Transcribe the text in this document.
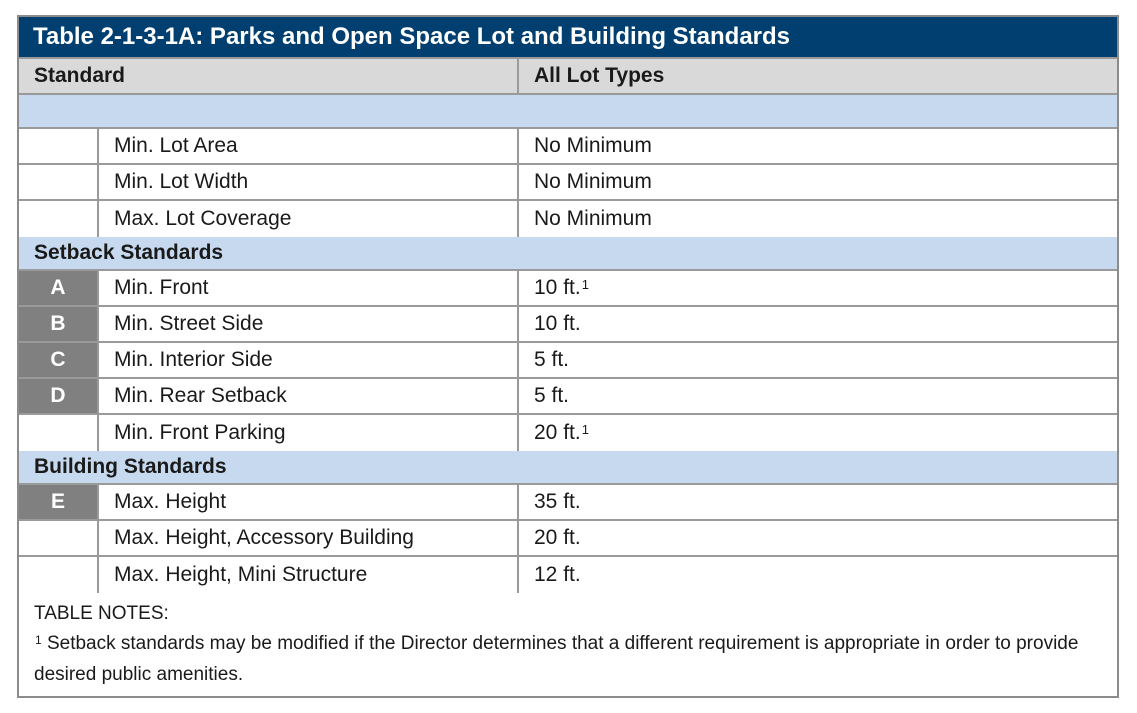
Table 2-1-3-1A: Parks and Open Space Lot and Building Standards
Standard	All Lot Types
Min. Lot Area	No Minimum
Min. Lot Width	No Minimum
Max. Lot Coverage	No Minimum
Setback Standards
A	Min. Front	10 ft.$^1$
B	Min. Street Side	10 ft.
C	Min. Interior Side	5 ft.
D	Min. Rear Setback	5 ft.
Min. Front Parking	20 ft.$^1$
Building Standards
E	Max. Height	35 ft.
Max. Height, Accessory Building	20 ft.
Max. Height, Mini Structure	12 ft.
TABLE NOTES:
$^1$ Setback standards may be modified if the Director determines that a different requirement is appropriate in order to provide desired public amenities.
